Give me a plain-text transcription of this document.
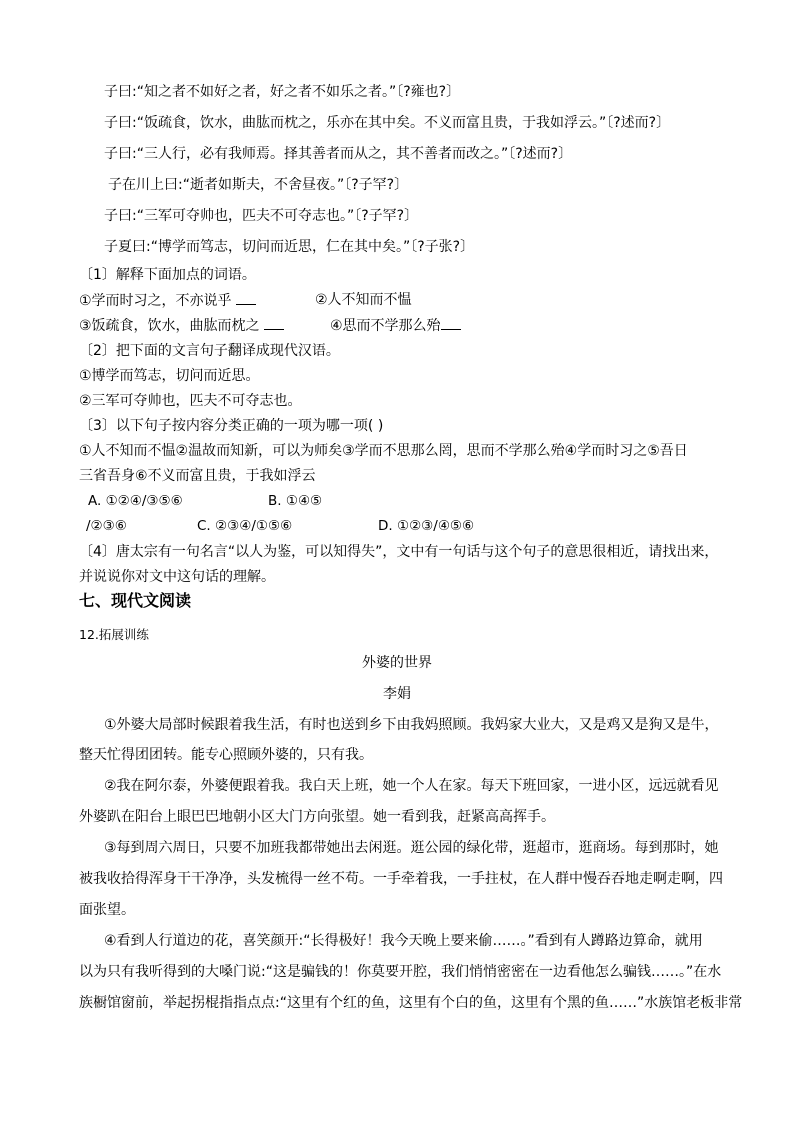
子曰:“知之者不如好之者，好之者不如乐之者。”〔?雍也?〕
子曰:“饭疏食，饮水，曲肱而枕之，乐亦在其中矣。不义而富且贵，于我如浮云。”〔?述而?〕
子曰:“三人行，必有我师焉。择其善者而从之，其不善者而改之。”〔?述而?〕
子在川上曰:“逝者如斯夫，不舍昼夜。”〔?子罕?〕
子曰:“三军可夺帅也，匹夫不可夺志也。”〔?子罕?〕
子夏曰:“博学而笃志，切问而近思，仁在其中矣。”〔?子张?〕
〔1〕解释下面加点的词语。
①学而时习之，不亦说乎	②人不知而不愠
③饭疏食，饮水，曲肱而枕之	④思而不学那么殆
〔2〕把下面的文言句子翻译成现代汉语。
①博学而笃志，切问而近思。
②三军可夺帅也，匹夫不可夺志也。
〔3〕以下句子按内容分类正确的一项为哪一项( )
①人不知而不愠②温故而知新，可以为师矣③学而不思那么罔，思而不学那么殆④学而时习之⑤吾日
三省吾身⑥不义而富且贵，于我如浮云
A. ①②④/③⑤⑥	B. ①④⑤
/②③⑥	C. ②③④/①⑤⑥	D. ①②③/④⑤⑥
〔4〕唐太宗有一句名言“以人为鉴，可以知得失”，文中有一句话与这个句子的意思很相近，请找出来，
并说说你对文中这句话的理解。
七、现代文阅读
12.拓展训练
外婆的世界
李娟
①外婆大局部时候跟着我生活，有时也送到乡下由我妈照顾。我妈家大业大，又是鸡又是狗又是牛，
整天忙得团团转。能专心照顾外婆的，只有我。
②我在阿尔泰，外婆便跟着我。我白天上班，她一个人在家。每天下班回家，一进小区，远远就看见
外婆趴在阳台上眼巴巴地朝小区大门方向张望。她一看到我，赶紧高高挥手。
③每到周六周日，只要不加班我都带她出去闲逛。逛公园的绿化带，逛超市，逛商场。每到那时，她
被我收拾得浑身干干净净，头发梳得一丝不苟。一手牵着我，一手拄杖，在人群中慢吞吞地走啊走啊，四
面张望。
④看到人行道边的花，喜笑颜开:“长得极好！我今天晚上要来偷……。”看到有人蹲路边算命，就用
以为只有我听得到的大嗓门说:“这是骗钱的！你莫要开腔，我们悄悄密密在一边看他怎么骗钱……。”在水
族橱馆窗前，举起拐棍指指点点:“这里有个红的鱼，这里有个白的鱼，这里有个黑的鱼……”水族馆老板非常
